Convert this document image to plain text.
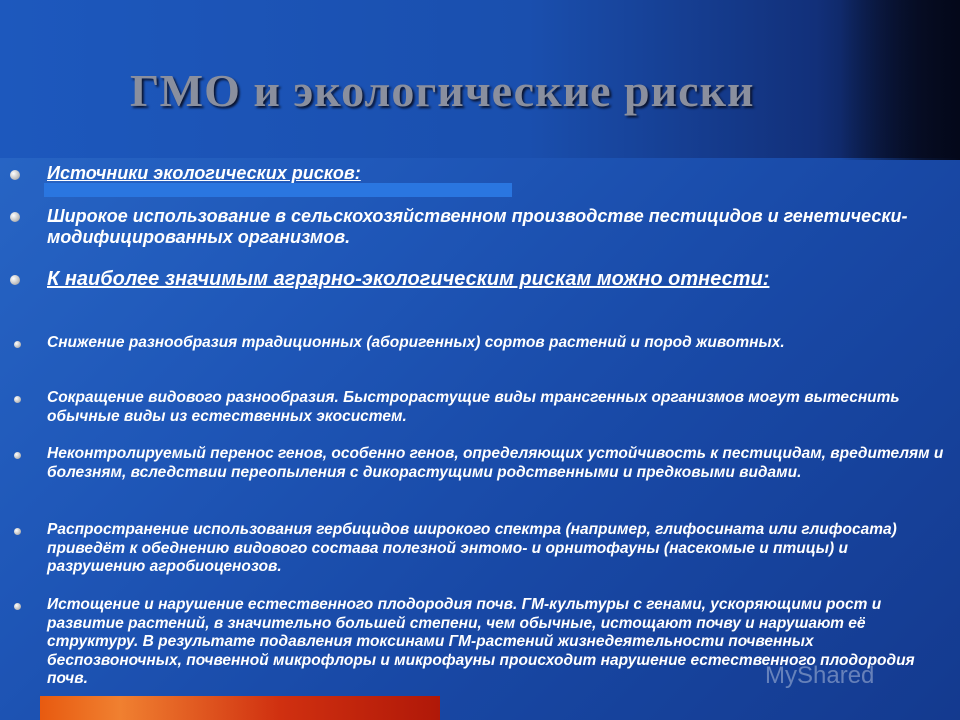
ГМО и экологические риски
Источники экологических рисков:
Широкое использование в сельскохозяйственном производстве пестицидов и генетически-модифицированных организмов.
К наиболее значимым аграрно-экологическим рискам можно отнести:
Снижение разнообразия традиционных (аборигенных) сортов растений и пород животных.
Сокращение видового разнообразия. Быстрорастущие виды трансгенных организмов могут вытеснить обычные виды из естественных экосистем.
Неконтролируемый перенос генов, особенно генов, определяющих устойчивость к пестицидам, вредителям и болезням, вследствии переопыления с дикорастущими родственными и предковыми видами.
Распространение использования гербицидов широкого спектра (например, глифосината или глифосата) приведёт к обеднению видового состава полезной энтомо- и орнитофауны (насекомые и птицы) и разрушению агробиоценозов.
Истощение и нарушение естественного плодородия почв. ГМ-культуры с генами, ускоряющими рост и развитие растений, в значительно большей степени, чем обычные, истощают почву и нарушают её структуру. В результате подавления токсинами ГМ-растений жизнедеятельности почвенных беспозвоночных, почвенной микрофлоры и микрофауны происходит нарушение естественного плодородия почв.	MyShared
